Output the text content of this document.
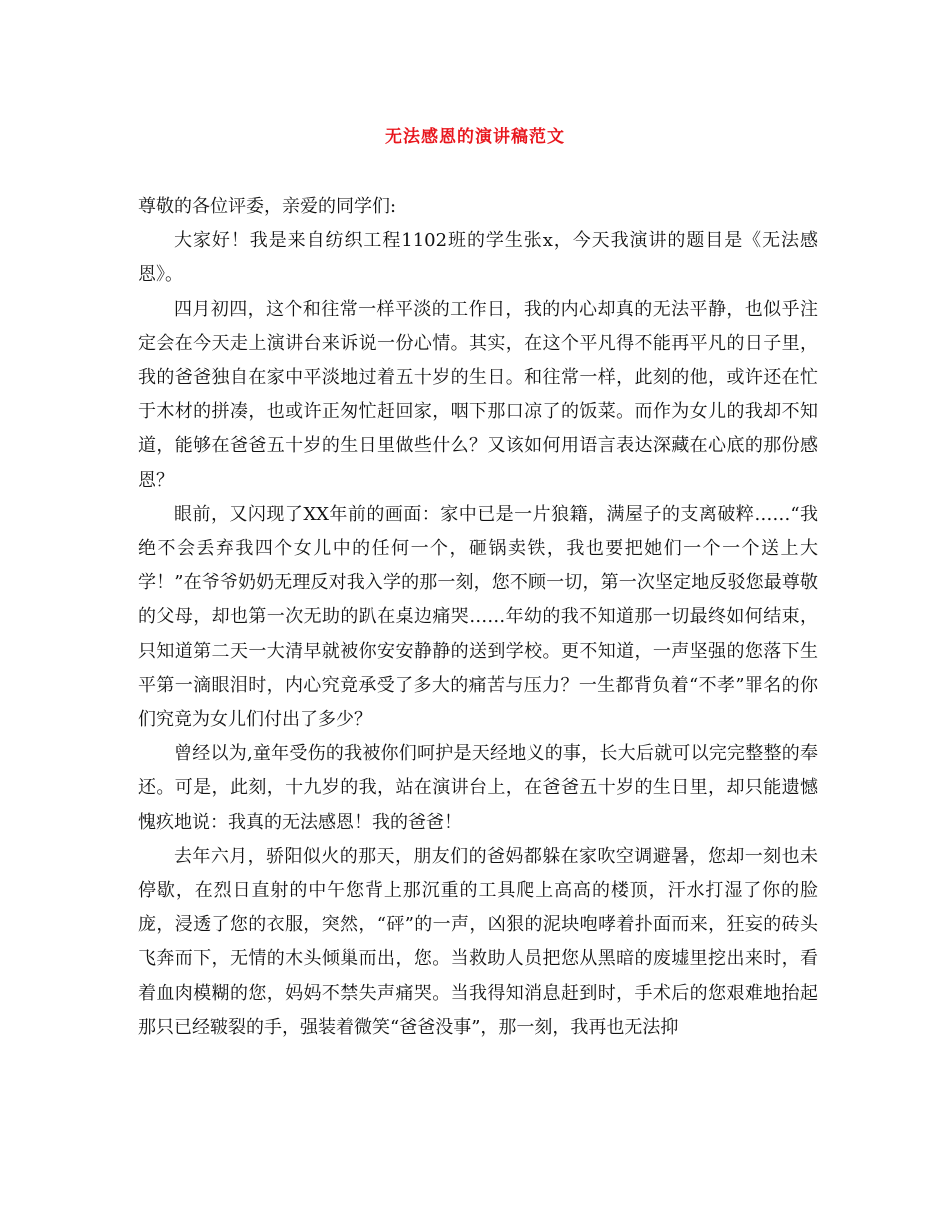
无法感恩的演讲稿范文

尊敬的各位评委，亲爱的同学们:

大家好！我是来自纺织工程1102班的学生张x，今天我演讲的题目是《无法感恩》。

四月初四，这个和往常一样平淡的工作日，我的内心却真的无法平静，也似乎注定会在今天走上演讲台来诉说一份心情。其实，在这个平凡得不能再平凡的日子里，我的爸爸独自在家中平淡地过着五十岁的生日。和往常一样，此刻的他，或许还在忙于木材的拼凑，也或许正匆忙赶回家，咽下那口凉了的饭菜。而作为女儿的我却不知道，能够在爸爸五十岁的生日里做些什么？又该如何用语言表达深藏在心底的那份感恩？

眼前，又闪现了XX年前的画面：家中已是一片狼籍，满屋子的支离破粹……“我绝不会丢弃我四个女儿中的任何一个，砸锅卖铁，我也要把她们一个一个送上大学！”在爷爷奶奶无理反对我入学的那一刻，您不顾一切，第一次坚定地反驳您最尊敬的父母，却也第一次无助的趴在桌边痛哭……年幼的我不知道那一切最终如何结束，只知道第二天一大清早就被你安安静静的送到学校。更不知道，一声坚强的您落下生平第一滴眼泪时，内心究竟承受了多大的痛苦与压力？一生都背负着“不孝”罪名的你们究竟为女儿们付出了多少？

曾经以为,童年受伤的我被你们呵护是天经地义的事，长大后就可以完完整整的奉还。可是，此刻，十九岁的我，站在演讲台上，在爸爸五十岁的生日里，却只能遗憾愧疚地说：我真的无法感恩！我的爸爸！

去年六月，骄阳似火的那天，朋友们的爸妈都躲在家吹空调避暑，您却一刻也未停歇，在烈日直射的中午您背上那沉重的工具爬上高高的楼顶，汗水打湿了你的脸庞，浸透了您的衣服，突然，“砰”的一声，凶狠的泥块咆哮着扑面而来，狂妄的砖头飞奔而下，无情的木头倾巢而出，您。当救助人员把您从黑暗的废墟里挖出来时，看着血肉模糊的您，妈妈不禁失声痛哭。当我得知消息赶到时，手术后的您艰难地抬起那只已经皲裂的手，强装着微笑“爸爸没事”，那一刻，我再也无法抑
